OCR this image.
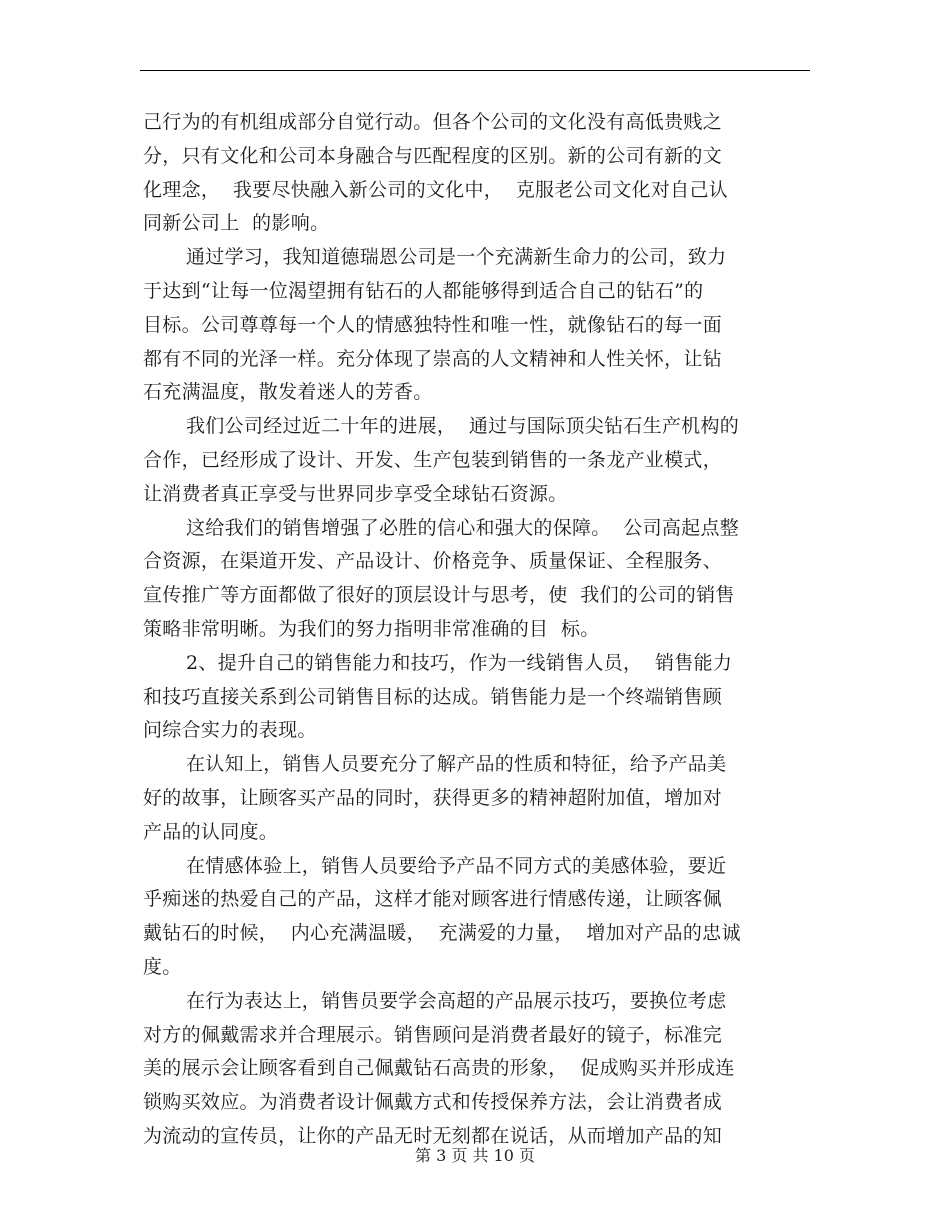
己行为的有机组成部分自觉行动。但各个公司的文化没有高低贵贱之
分，只有文化和公司本身融合与匹配程度的区别。新的公司有新的文
化理念，  我要尽快融入新公司的文化中，  克服老公司文化对自己认
同新公司上  的影响。
通过学习，我知道德瑞恩公司是一个充满新生命力的公司，致力
于达到“让每一位渴望拥有钻石的人都能够得到适合自己的钻石”的
目标。公司尊尊每一个人的情感独特性和唯一性，就像钻石的每一面
都有不同的光泽一样。充分体现了崇高的人文精神和人性关怀，让钻
石充满温度，散发着迷人的芳香。
我们公司经过近二十年的进展，  通过与国际顶尖钻石生产机构的
合作，已经形成了设计、开发、生产包装到销售的一条龙产业模式，
让消费者真正享受与世界同步享受全球钻石资源。
这给我们的销售增强了必胜的信心和强大的保障。  公司高起点整
合资源，在渠道开发、产品设计、价格竞争、质量保证、全程服务、
宣传推广等方面都做了很好的顶层设计与思考，使  我们的公司的销售
策略非常明晰。为我们的努力指明非常准确的目  标。
2、提升自己的销售能力和技巧，作为一线销售人员，  销售能力
和技巧直接关系到公司销售目标的达成。销售能力是一个终端销售顾
问综合实力的表现。
在认知上，销售人员要充分了解产品的性质和特征，给予产品美
好的故事，让顾客买产品的同时，获得更多的精神超附加值，增加对
产品的认同度。
在情感体验上，销售人员要给予产品不同方式的美感体验，要近
乎痴迷的热爱自己的产品，这样才能对顾客进行情感传递，让顾客佩
戴钻石的时候，  内心充满温暖，  充满爱的力量，  增加对产品的忠诚
度。
在行为表达上，销售员要学会高超的产品展示技巧，要换位考虑
对方的佩戴需求并合理展示。销售顾问是消费者最好的镜子，标准完
美的展示会让顾客看到自己佩戴钻石高贵的形象，  促成购买并形成连
锁购买效应。为消费者设计佩戴方式和传授保养方法，会让消费者成
为流动的宣传员，让你的产品无时无刻都在说话，从而增加产品的知
第 3 页 共 10 页
